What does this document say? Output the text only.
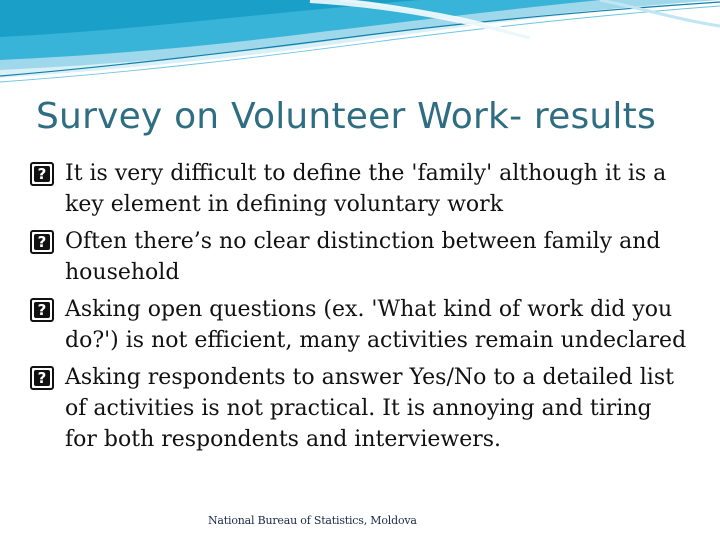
Survey on Volunteer Work- results
?
It is very difficult to define the 'family' although it is a key element in defining voluntary work
?
Often there’s no clear distinction between family and household
?
Asking open questions (ex. 'What kind of work did you do?') is not efficient, many activities remain undeclared
?
Asking respondents to answer Yes/No to a detailed list of activities is not practical. It is annoying and tiring for both respondents and interviewers.
National Bureau of Statistics, Moldova
